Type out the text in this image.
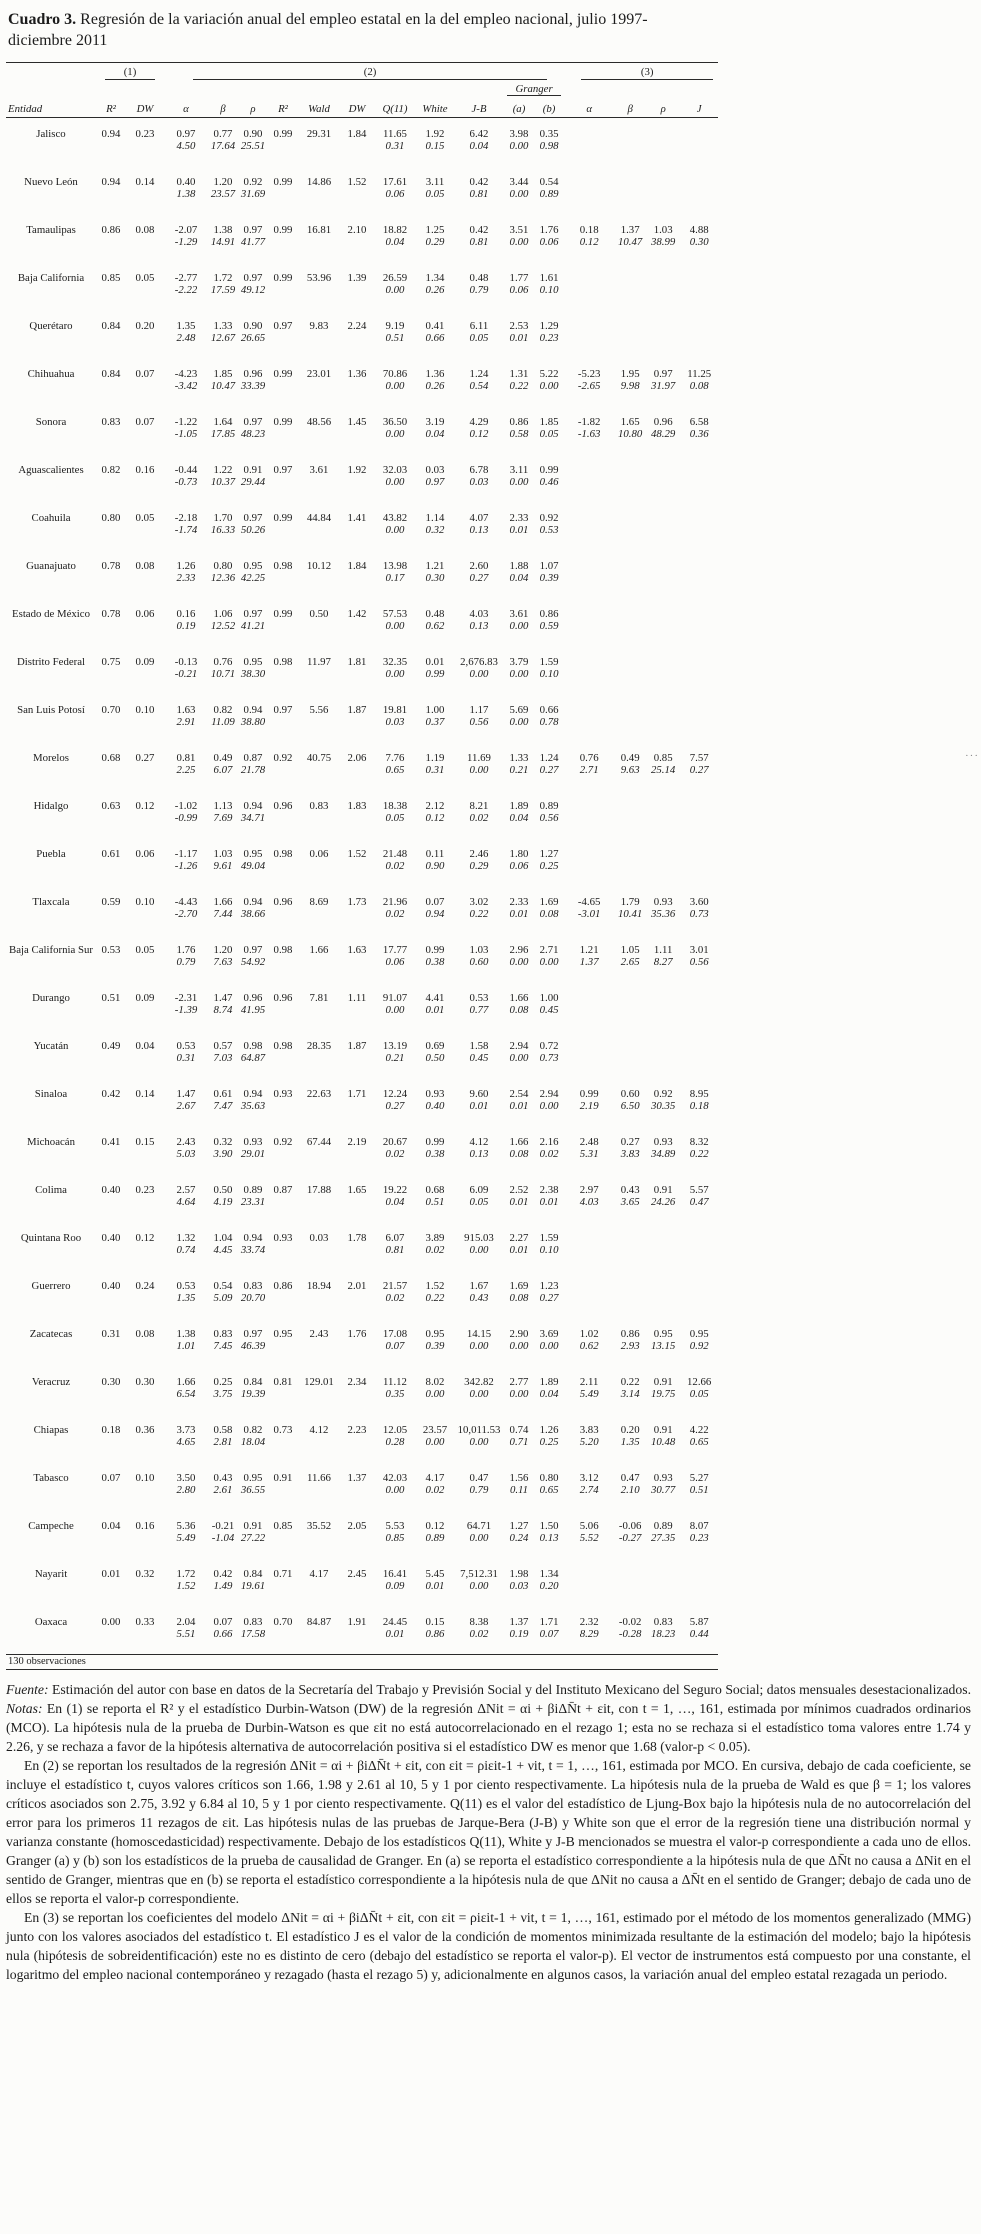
···

Cuadro 3. Regresión de la variación anual del empleo estatal en la del empleo nacional, julio 1997-diciembre 2011

	(1)		(2)											(3)			

												Granger					

Entidad	R²	DW	α	β	ρ	R²	Wald	DW	Q(11)	White	J-B	(a)	(b)	α	β	ρ	J
Jalisco	0.94	0.23	0.97	0.77	0.90	0.99	29.31	1.84	11.65	1.92	6.42	3.98	0.35				
			4.50	17.64	25.51				0.31	0.15	0.04	0.00	0.98				
Nuevo León	0.94	0.14	0.40	1.20	0.92	0.99	14.86	1.52	17.61	3.11	0.42	3.44	0.54				
			1.38	23.57	31.69				0.06	0.05	0.81	0.00	0.89				
Tamaulipas	0.86	0.08	-2.07	1.38	0.97	0.99	16.81	2.10	18.82	1.25	0.42	3.51	1.76	0.18	1.37	1.03	4.88
			-1.29	14.91	41.77				0.04	0.29	0.81	0.00	0.06	0.12	10.47	38.99	0.30
Baja California	0.85	0.05	-2.77	1.72	0.97	0.99	53.96	1.39	26.59	1.34	0.48	1.77	1.61				
			-2.22	17.59	49.12				0.00	0.26	0.79	0.06	0.10				
Querétaro	0.84	0.20	1.35	1.33	0.90	0.97	9.83	2.24	9.19	0.41	6.11	2.53	1.29				
			2.48	12.67	26.65				0.51	0.66	0.05	0.01	0.23				
Chihuahua	0.84	0.07	-4.23	1.85	0.96	0.99	23.01	1.36	70.86	1.36	1.24	1.31	5.22	-5.23	1.95	0.97	11.25
			-3.42	10.47	33.39				0.00	0.26	0.54	0.22	0.00	-2.65	9.98	31.97	0.08
Sonora	0.83	0.07	-1.22	1.64	0.97	0.99	48.56	1.45	36.50	3.19	4.29	0.86	1.85	-1.82	1.65	0.96	6.58
			-1.05	17.85	48.23				0.00	0.04	0.12	0.58	0.05	-1.63	10.80	48.29	0.36
Aguascalientes	0.82	0.16	-0.44	1.22	0.91	0.97	3.61	1.92	32.03	0.03	6.78	3.11	0.99				
			-0.73	10.37	29.44				0.00	0.97	0.03	0.00	0.46				
Coahuila	0.80	0.05	-2.18	1.70	0.97	0.99	44.84	1.41	43.82	1.14	4.07	2.33	0.92				
			-1.74	16.33	50.26				0.00	0.32	0.13	0.01	0.53				
Guanajuato	0.78	0.08	1.26	0.80	0.95	0.98	10.12	1.84	13.98	1.21	2.60	1.88	1.07				
			2.33	12.36	42.25				0.17	0.30	0.27	0.04	0.39				
Estado de México	0.78	0.06	0.16	1.06	0.97	0.99	0.50	1.42	57.53	0.48	4.03	3.61	0.86				
			0.19	12.52	41.21				0.00	0.62	0.13	0.00	0.59				
Distrito Federal	0.75	0.09	-0.13	0.76	0.95	0.98	11.97	1.81	32.35	0.01	2,676.83	3.79	1.59				
			-0.21	10.71	38.30				0.00	0.99	0.00	0.00	0.10				
San Luis Potosí	0.70	0.10	1.63	0.82	0.94	0.97	5.56	1.87	19.81	1.00	1.17	5.69	0.66				
			2.91	11.09	38.80				0.03	0.37	0.56	0.00	0.78				
Morelos	0.68	0.27	0.81	0.49	0.87	0.92	40.75	2.06	7.76	1.19	11.69	1.33	1.24	0.76	0.49	0.85	7.57
			2.25	6.07	21.78				0.65	0.31	0.00	0.21	0.27	2.71	9.63	25.14	0.27
Hidalgo	0.63	0.12	-1.02	1.13	0.94	0.96	0.83	1.83	18.38	2.12	8.21	1.89	0.89				
			-0.99	7.69	34.71				0.05	0.12	0.02	0.04	0.56				
Puebla	0.61	0.06	-1.17	1.03	0.95	0.98	0.06	1.52	21.48	0.11	2.46	1.80	1.27				
			-1.26	9.61	49.04				0.02	0.90	0.29	0.06	0.25				
Tlaxcala	0.59	0.10	-4.43	1.66	0.94	0.96	8.69	1.73	21.96	0.07	3.02	2.33	1.69	-4.65	1.79	0.93	3.60
			-2.70	7.44	38.66				0.02	0.94	0.22	0.01	0.08	-3.01	10.41	35.36	0.73
Baja California Sur	0.53	0.05	1.76	1.20	0.97	0.98	1.66	1.63	17.77	0.99	1.03	2.96	2.71	1.21	1.05	1.11	3.01
			0.79	7.63	54.92				0.06	0.38	0.60	0.00	0.00	1.37	2.65	8.27	0.56
Durango	0.51	0.09	-2.31	1.47	0.96	0.96	7.81	1.11	91.07	4.41	0.53	1.66	1.00				
			-1.39	8.74	41.95				0.00	0.01	0.77	0.08	0.45				
Yucatán	0.49	0.04	0.53	0.57	0.98	0.98	28.35	1.87	13.19	0.69	1.58	2.94	0.72				
			0.31	7.03	64.87				0.21	0.50	0.45	0.00	0.73				
Sinaloa	0.42	0.14	1.47	0.61	0.94	0.93	22.63	1.71	12.24	0.93	9.60	2.54	2.94	0.99	0.60	0.92	8.95
			2.67	7.47	35.63				0.27	0.40	0.01	0.01	0.00	2.19	6.50	30.35	0.18
Michoacán	0.41	0.15	2.43	0.32	0.93	0.92	67.44	2.19	20.67	0.99	4.12	1.66	2.16	2.48	0.27	0.93	8.32
			5.03	3.90	29.01				0.02	0.38	0.13	0.08	0.02	5.31	3.83	34.89	0.22
Colima	0.40	0.23	2.57	0.50	0.89	0.87	17.88	1.65	19.22	0.68	6.09	2.52	2.38	2.97	0.43	0.91	5.57
			4.64	4.19	23.31				0.04	0.51	0.05	0.01	0.01	4.03	3.65	24.26	0.47
Quintana Roo	0.40	0.12	1.32	1.04	0.94	0.93	0.03	1.78	6.07	3.89	915.03	2.27	1.59				
			0.74	4.45	33.74				0.81	0.02	0.00	0.01	0.10				
Guerrero	0.40	0.24	0.53	0.54	0.83	0.86	18.94	2.01	21.57	1.52	1.67	1.69	1.23				
			1.35	5.09	20.70				0.02	0.22	0.43	0.08	0.27				
Zacatecas	0.31	0.08	1.38	0.83	0.97	0.95	2.43	1.76	17.08	0.95	14.15	2.90	3.69	1.02	0.86	0.95	0.95
			1.01	7.45	46.39				0.07	0.39	0.00	0.00	0.00	0.62	2.93	13.15	0.92
Veracruz	0.30	0.30	1.66	0.25	0.84	0.81	129.01	2.34	11.12	8.02	342.82	2.77	1.89	2.11	0.22	0.91	12.66
			6.54	3.75	19.39				0.35	0.00	0.00	0.00	0.04	5.49	3.14	19.75	0.05
Chiapas	0.18	0.36	3.73	0.58	0.82	0.73	4.12	2.23	12.05	23.57	10,011.53	0.74	1.26	3.83	0.20	0.91	4.22
			4.65	2.81	18.04				0.28	0.00	0.00	0.71	0.25	5.20	1.35	10.48	0.65
Tabasco	0.07	0.10	3.50	0.43	0.95	0.91	11.66	1.37	42.03	4.17	0.47	1.56	0.80	3.12	0.47	0.93	5.27
			2.80	2.61	36.55				0.00	0.02	0.79	0.11	0.65	2.74	2.10	30.77	0.51
Campeche	0.04	0.16	5.36	-0.21	0.91	0.85	35.52	2.05	5.53	0.12	64.71	1.27	1.50	5.06	-0.06	0.89	8.07
			5.49	-1.04	27.22				0.85	0.89	0.00	0.24	0.13	5.52	-0.27	27.35	0.23
Nayarit	0.01	0.32	1.72	0.42	0.84	0.71	4.17	2.45	16.41	5.45	7,512.31	1.98	1.34				
			1.52	1.49	19.61				0.09	0.01	0.00	0.03	0.20				
Oaxaca	0.00	0.33	2.04	0.07	0.83	0.70	84.87	1.91	24.45	0.15	8.38	1.37	1.71	2.32	-0.02	0.83	5.87
			5.51	0.66	17.58				0.01	0.86	0.02	0.19	0.07	8.29	-0.28	18.23	0.44
130 observaciones

Fuente: Estimación del autor con base en datos de la Secretaría del Trabajo y Previsión Social y del Instituto Mexicano del Seguro Social; datos mensuales desestacionalizados. Notas: En (1) se reporta el R² y el estadístico Durbin-Watson (DW) de la regresión ΔNit = αi + βiΔN̄t + εit, con t = 1, …, 161, estimada por mínimos cuadrados ordinarios (MCO). La hipótesis nula de la prueba de Durbin-Watson es que εit no está autocorrelacionado en el rezago 1; esta no se rechaza si el estadístico toma valores entre 1.74 y 2.26, y se rechaza a favor de la hipótesis alternativa de autocorrelación positiva si el estadístico DW es menor que 1.68 (valor-p < 0.05).

En (2) se reportan los resultados de la regresión ΔNit = αi + βiΔN̄t + εit, con εit = ρiεit-1 + νit, t = 1, …, 161, estimada por MCO. En cursiva, debajo de cada coeficiente, se incluye el estadístico t, cuyos valores críticos son 1.66, 1.98 y 2.61 al 10, 5 y 1 por ciento respectivamente. La hipótesis nula de la prueba de Wald es que β = 1; los valores críticos asociados son 2.75, 3.92 y 6.84 al 10, 5 y 1 por ciento respectivamente. Q(11) es el valor del estadístico de Ljung-Box bajo la hipótesis nula de no autocorrelación del error para los primeros 11 rezagos de εit. Las hipótesis nulas de las pruebas de Jarque-Bera (J-B) y White son que el error de la regresión tiene una distribución normal y varianza constante (homoscedasticidad) respectivamente. Debajo de los estadísticos Q(11), White y J-B mencionados se muestra el valor-p correspondiente a cada uno de ellos. Granger (a) y (b) son los estadísticos de la prueba de causalidad de Granger. En (a) se reporta el estadístico correspondiente a la hipótesis nula de que ΔN̄t no causa a ΔNit en el sentido de Granger, mientras que en (b) se reporta el estadístico correspondiente a la hipótesis nula de que ΔNit no causa a ΔN̄t en el sentido de Granger; debajo de cada uno de ellos se reporta el valor-p correspondiente.

En (3) se reportan los coeficientes del modelo ΔNit = αi + βiΔN̄t + εit, con εit = ρiεit-1 + νit, t = 1, …, 161, estimado por el método de los momentos generalizado (MMG) junto con los valores asociados del estadístico t. El estadístico J es el valor de la condición de momentos minimizada resultante de la estimación del modelo; bajo la hipótesis nula (hipótesis de sobreidentificación) este no es distinto de cero (debajo del estadístico se reporta el valor-p). El vector de instrumentos está compuesto por una constante, el logaritmo del empleo nacional contemporáneo y rezagado (hasta el rezago 5) y, adicionalmente en algunos casos, la variación anual del empleo estatal rezagada un periodo.
